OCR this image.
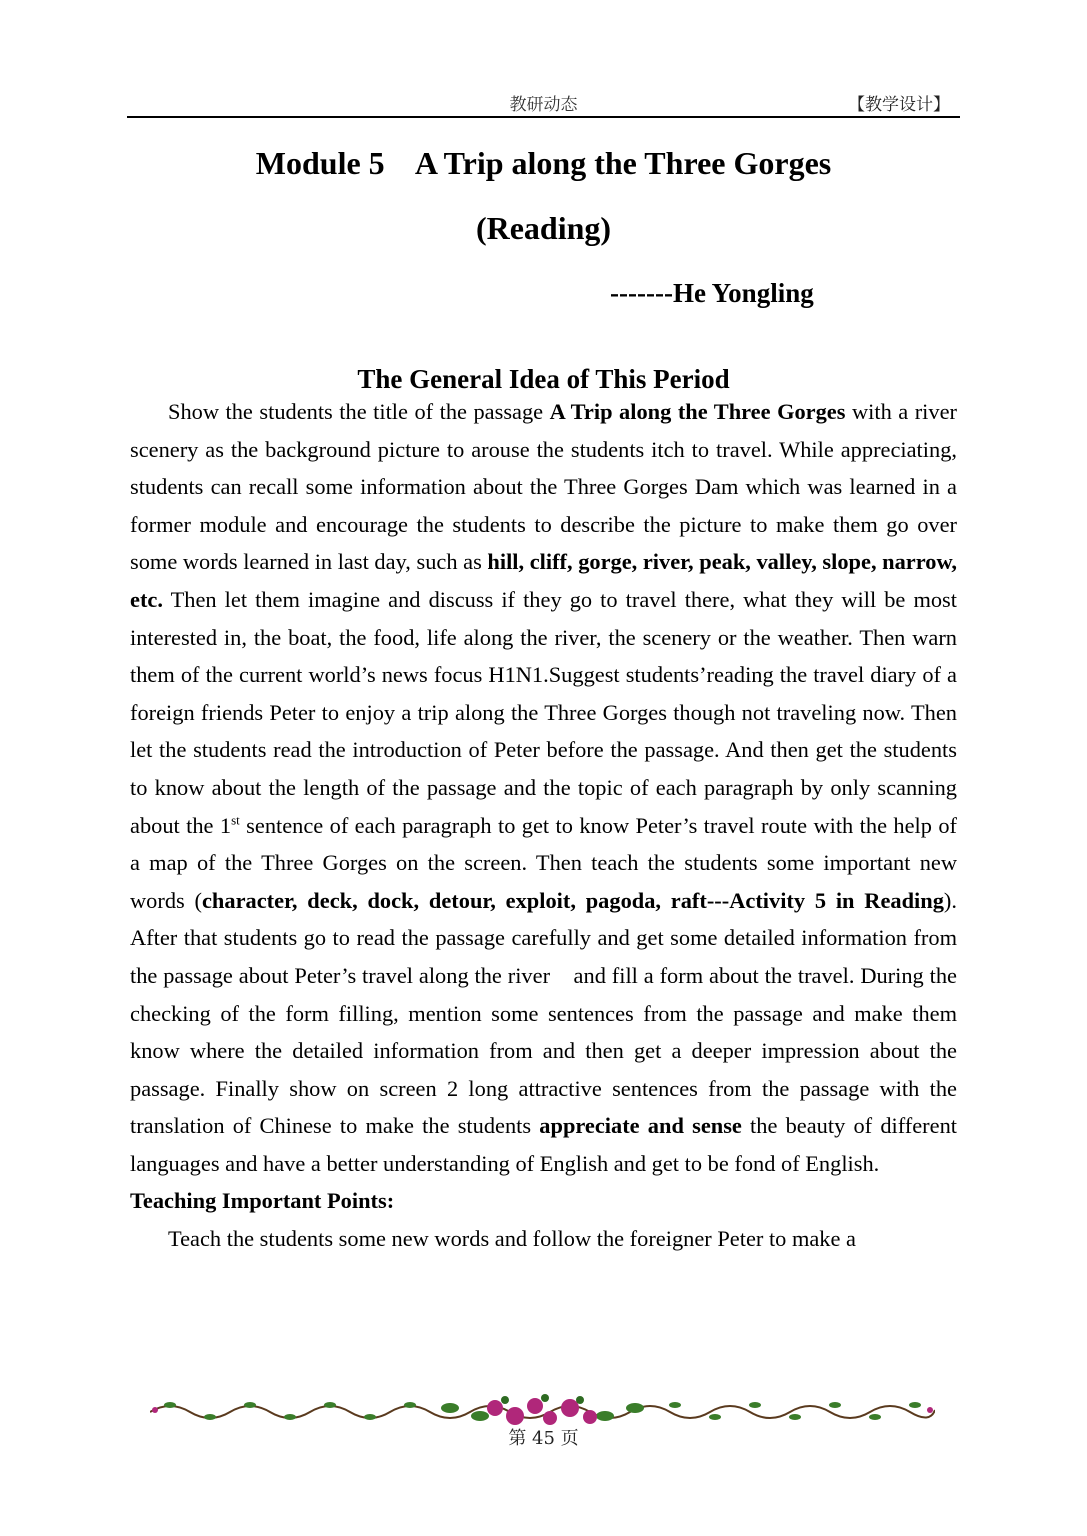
教研动态	【教学设计】
Module 5    A Trip along the Three Gorges
(Reading)
-------He Yongling
The General Idea of This Period

Show the students the title of the passage A Trip along the Three Gorges with a river scenery as the background picture to arouse the students itch to travel. While appreciating, students can recall some information about the Three Gorges Dam which was learned in a former module and encourage the students to describe the picture to make them go over some words learned in last day, such as hill, cliff, gorge, river, peak, valley, slope, narrow, etc. Then let them imagine and discuss if they go to travel there, what they will be most interested in, the boat, the food, life along the river, the scenery or the weather. Then warn them of the current world’s news focus H1N1.Suggest students’reading the travel diary of a foreign friends Peter to enjoy a trip along the Three Gorges though not traveling now. Then let the students read the introduction of Peter before the passage. And then get the students to know about the length of the passage and the topic of each paragraph by only scanning about the 1st sentence of each paragraph to get to know Peter’s travel route with the help of a map of the Three Gorges on the screen. Then teach the students some important new words (character, deck, dock, detour, exploit, pagoda, raft---Activity 5 in Reading). After that students go to read the passage carefully and get some detailed information from the passage about Peter’s travel along the river    and fill a form about the travel. During the checking of the form filling, mention some sentences from the passage and make them know where the detailed information from and then get a deeper impression about the passage. Finally show on screen 2 long attractive sentences from the passage with the translation of Chinese to make the students appreciate and sense the beauty of different languages and have a better understanding of English and get to be fond of English.

Teaching Important Points:

Teach the students some new words and follow the foreigner Peter to make a

第 45 页
